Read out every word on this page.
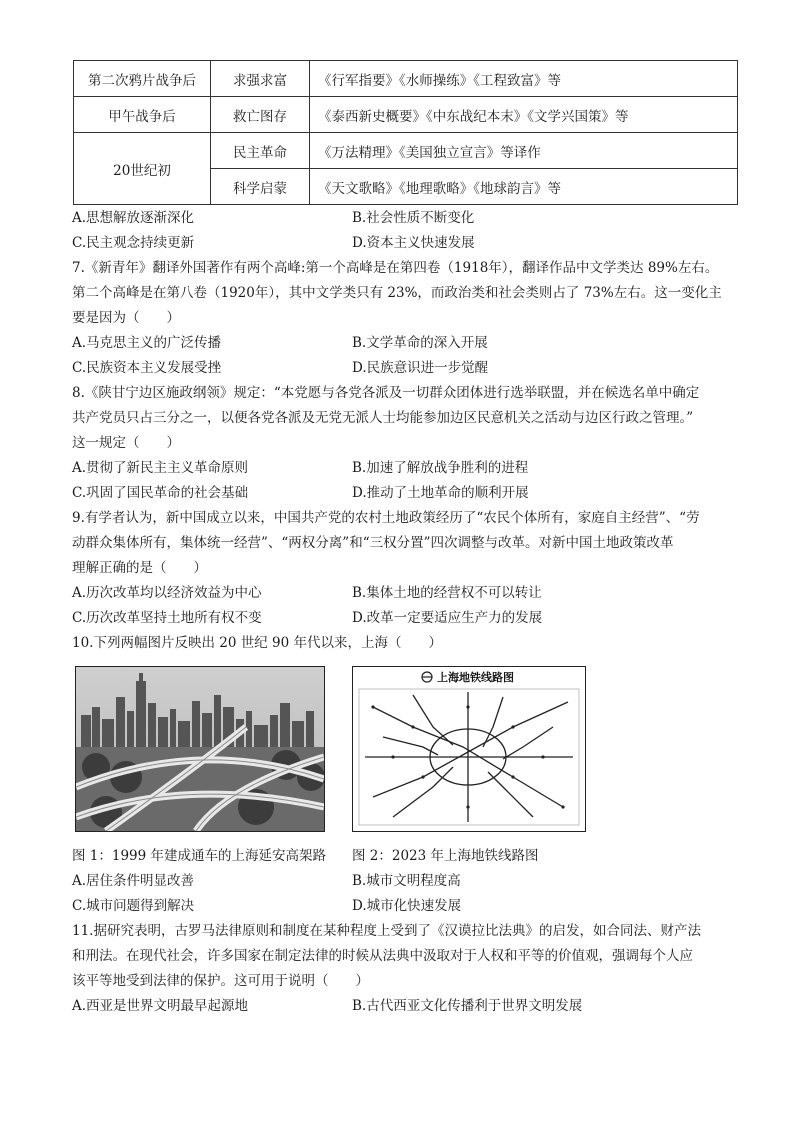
第二次鸦片战争后	求强求富	《行军指要》《水师操练》《工程致富》等
甲午战争后	救亡图存	《泰西新史概要》《中东战纪本末》《文学兴国策》等
20世纪初	民主革命	《万法精理》《美国独立宣言》等译作
	科学启蒙	《天文歌略》《地理歌略》《地球韵言》等
A.思想解放逐渐深化	B.社会性质不断变化
C.民主观念持续更新	D.资本主义快速发展
7.《新青年》翻译外国著作有两个高峰:第一个高峰是在第四卷（1918年），翻译作品中文学类达 89%左右。
第二个高峰是在第八卷（1920年），其中文学类只有 23%，而政治类和社会类则占了 73%左右。这一变化主
要是因为（　　）
A.马克思主义的广泛传播	B.文学革命的深入开展
C.民族资本主义发展受挫	D.民族意识进一步觉醒
8.《陕甘宁边区施政纲领》规定：“本党愿与各党各派及一切群众团体进行选举联盟，并在候选名单中确定
共产党员只占三分之一，以便各党各派及无党无派人士均能参加边区民意机关之活动与边区行政之管理。”
这一规定（　　）
A.贯彻了新民主主义革命原则	B.加速了解放战争胜利的进程
C.巩固了国民革命的社会基础	D.推动了土地革命的顺利开展
9.有学者认为，新中国成立以来，中国共产党的农村土地政策经历了“农民个体所有，家庭自主经营”、“劳
动群众集体所有，集体统一经营”、“两权分离”和“三权分置”四次调整与改革。对新中国土地政策改革
理解正确的是（　　）
A.历次改革均以经济效益为中心	B.集体土地的经营权不可以转让
C.历次改革坚持土地所有权不变	D.改革一定要适应生产力的发展
10.下列两幅图片反映出 20 世纪 90 年代以来，上海（　　）
上海地铁线路图
图 1：1999 年建成通车的上海延安高架路 图 2：2023 年上海地铁线路图
A.居住条件明显改善	B.城市文明程度高
C.城市问题得到解决	D.城市化快速发展
11.据研究表明，古罗马法律原则和制度在某种程度上受到了《汉谟拉比法典》的启发，如合同法、财产法
和刑法。在现代社会，许多国家在制定法律的时候从法典中汲取对于人权和平等的价值观，强调每个人应
该平等地受到法律的保护。这可用于说明（　　）
A.西亚是世界文明最早起源地	B.古代西亚文化传播利于世界文明发展
